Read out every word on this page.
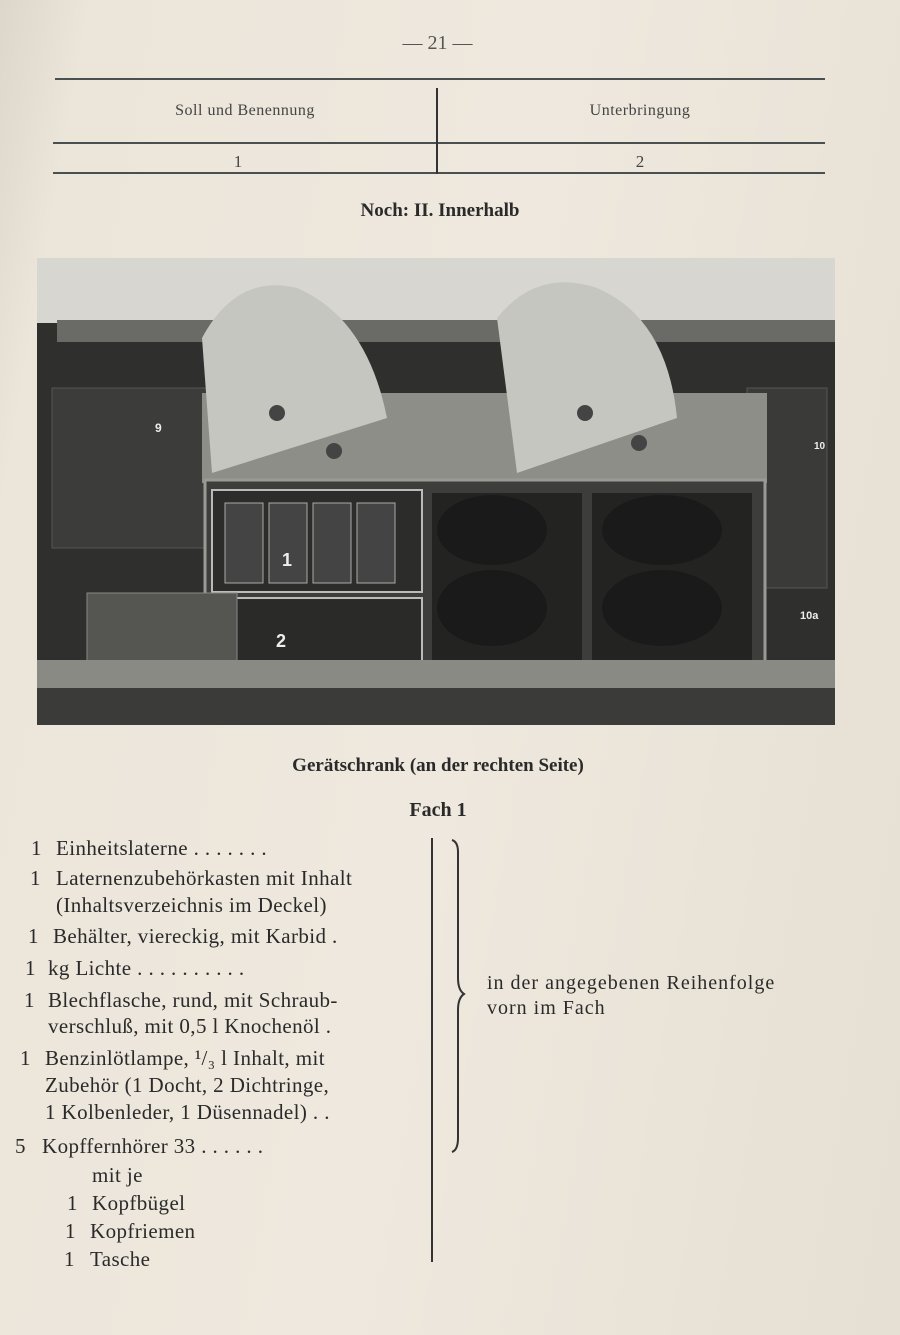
— 21 —
Soll und Benennung	Unterbringung
1	2
Noch: II. Innerhalb
9
1
2
10
10a
Gerätschrank (an der rechten Seite)
Fach 1
1 Einheitslaterne . . . . . . .
1 Laternenzubehörkasten mit Inhalt
(Inhaltsverzeichnis im Deckel)
1 Behälter, viereckig, mit Karbid .
1 kg Lichte . . . . . . . . . .
1 Blechflasche, rund, mit Schraub-
verschluß, mit 0,5 l Knochenöl .
1 Benzinlötlampe, ¹/₃ l Inhalt, mit
Zubehör (1 Docht, 2 Dichtringe,
1 Kolbenleder, 1 Düsennadel) . .
5 Kopffernhörer 33 . . . . . .
mit je
1 Kopfbügel
1 Kopfriemen
1 Tasche
in der angegebenen Reihenfolge
vorn im Fach
